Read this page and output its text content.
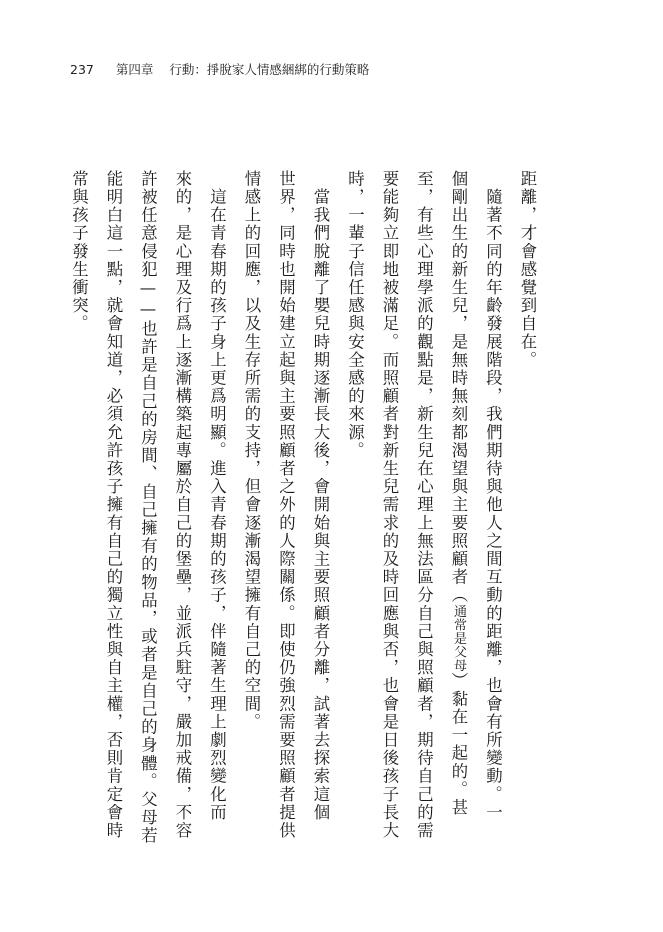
237 第四章 行動：掙脫家人情感綑綁的行動策略
距離，才會感覺到自在。
　隨著不同的年齡發展階段，我們期待與他人之間互動的距離，也會有所變動。一
個剛出生的新生兒，是無時無刻都渴望與主要照顧者（通常是父母）黏在一起的。甚
至，有些心理學派的觀點是，新生兒在心理上無法區分自己與照顧者，期待自己的需
要能夠立即地被滿足。而照顧者對新生兒需求的及時回應與否，也會是日後孩子長大
時，一輩子信任感與安全感的來源。
　當我們脫離了嬰兒時期逐漸長大後，會開始與主要照顧者分離，試著去探索這個
世界，同時也開始建立起與主要照顧者之外的人際關係。即使仍強烈需要照顧者提供
情感上的回應，以及生存所需的支持，但會逐漸渴望擁有自己的空間。
　這在青春期的孩子身上更爲明顯。進入青春期的孩子，伴隨著生理上劇烈變化而
來的，是心理及行爲上逐漸構築起專屬於自己的堡壘，並派兵駐守，嚴加戒備，不容
許被任意侵犯——也許是自己的房間、自己擁有的物品，或者是自己的身體。父母若
能明白這一點，就會知道，必須允許孩子擁有自己的獨立性與自主權，否則肯定會時
常與孩子發生衝突。
